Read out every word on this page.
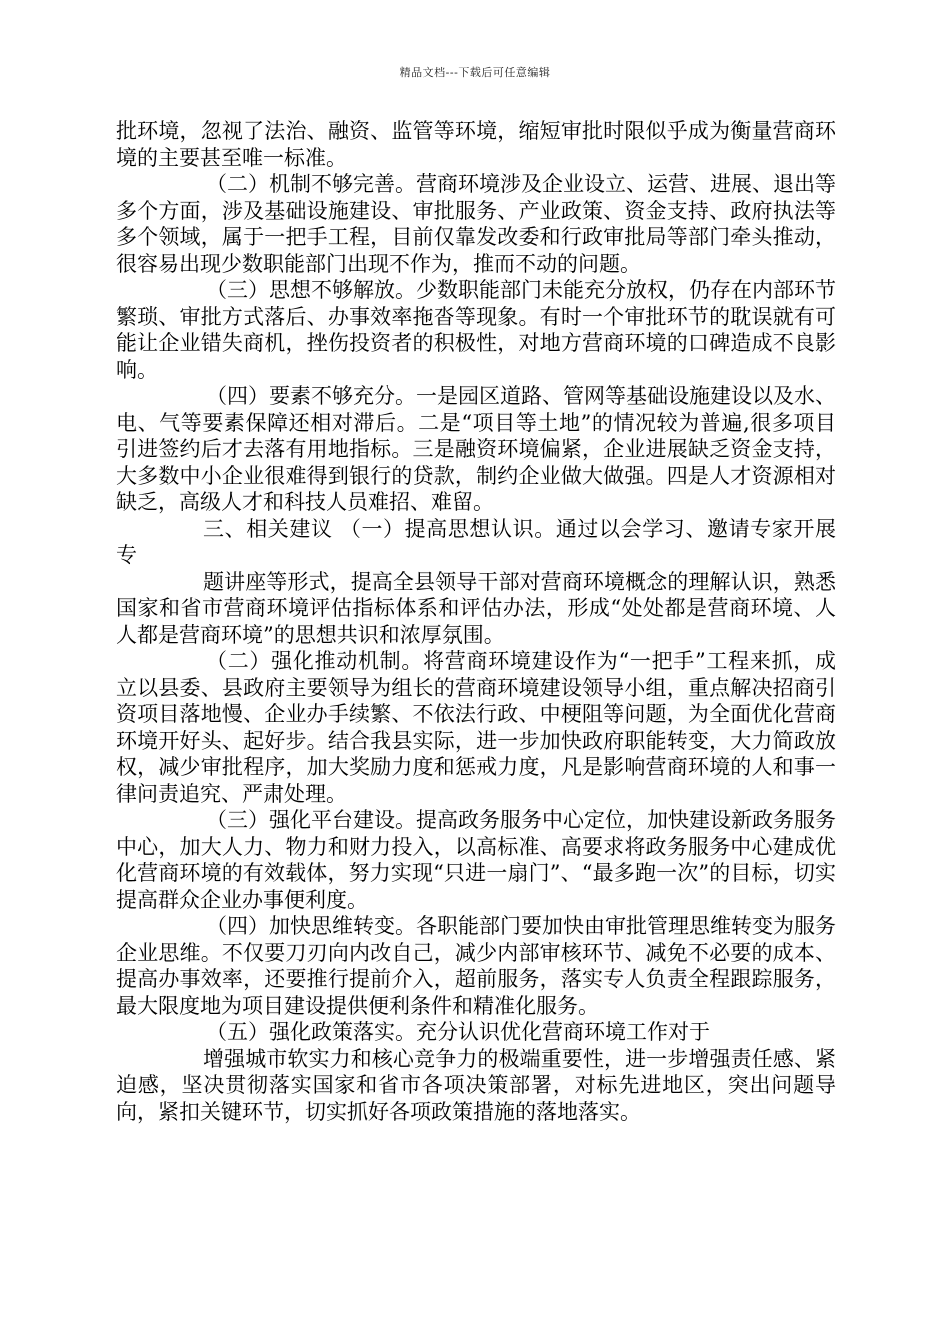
精品文档---下载后可任意编辑

批环境，忽视了法治、融资、监管等环境，缩短审批时限似乎成为衡量营商环境的主要甚至唯一标准。

（二）机制不够完善。营商环境涉及企业设立、运营、进展、退出等多个方面，涉及基础设施建设、审批服务、产业政策、资金支持、政府执法等多个领域，属于一把手工程，目前仅靠发改委和行政审批局等部门牵头推动，很容易出现少数职能部门出现不作为，推而不动的问题。

（三）思想不够解放。少数职能部门未能充分放权，仍存在内部环节繁琐、审批方式落后、办事效率拖沓等现象。有时一个审批环节的耽误就有可能让企业错失商机，挫伤投资者的积极性，对地方营商环境的口碑造成不良影响。

（四）要素不够充分。一是园区道路、管网等基础设施建设以及水、电、气等要素保障还相对滞后。二是“项目等土地”的情况较为普遍,很多项目引进签约后才去落有用地指标。三是融资环境偏紧，企业进展缺乏资金支持，大多数中小企业很难得到银行的贷款，制约企业做大做强。四是人才资源相对缺乏，高级人才和科技人员难招、难留。

三、相关建议 （一）提高思想认识。通过以会学习、邀请专家开展专

题讲座等形式，提高全县领导干部对营商环境概念的理解认识，熟悉国家和省市营商环境评估指标体系和评估办法，形成“处处都是营商环境、人人都是营商环境”的思想共识和浓厚氛围。

（二）强化推动机制。将营商环境建设作为“一把手”工程来抓，成立以县委、县政府主要领导为组长的营商环境建设领导小组，重点解决招商引资项目落地慢、企业办手续繁、不依法行政、中梗阻等问题，为全面优化营商环境开好头、起好步。结合我县实际，进一步加快政府职能转变，大力简政放权，减少审批程序，加大奖励力度和惩戒力度，凡是影响营商环境的人和事一律问责追究、严肃处理。

（三）强化平台建设。提高政务服务中心定位，加快建设新政务服务中心，加大人力、物力和财力投入，以高标准、高要求将政务服务中心建成优化营商环境的有效载体，努力实现“只进一扇门”、“最多跑一次”的目标，切实提高群众企业办事便利度。

（四）加快思维转变。各职能部门要加快由审批管理思维转变为服务企业思维。不仅要刀刃向内改自己，减少内部审核环节、减免不必要的成本、提高办事效率，还要推行提前介入，超前服务，落实专人负责全程跟踪服务，最大限度地为项目建设提供便利条件和精准化服务。

（五）强化政策落实。充分认识优化营商环境工作对于

增强城市软实力和核心竞争力的极端重要性，进一步增强责任感、紧迫感，坚决贯彻落实国家和省市各项决策部署，对标先进地区，突出问题导向，紧扣关键环节，切实抓好各项政策措施的落地落实。
